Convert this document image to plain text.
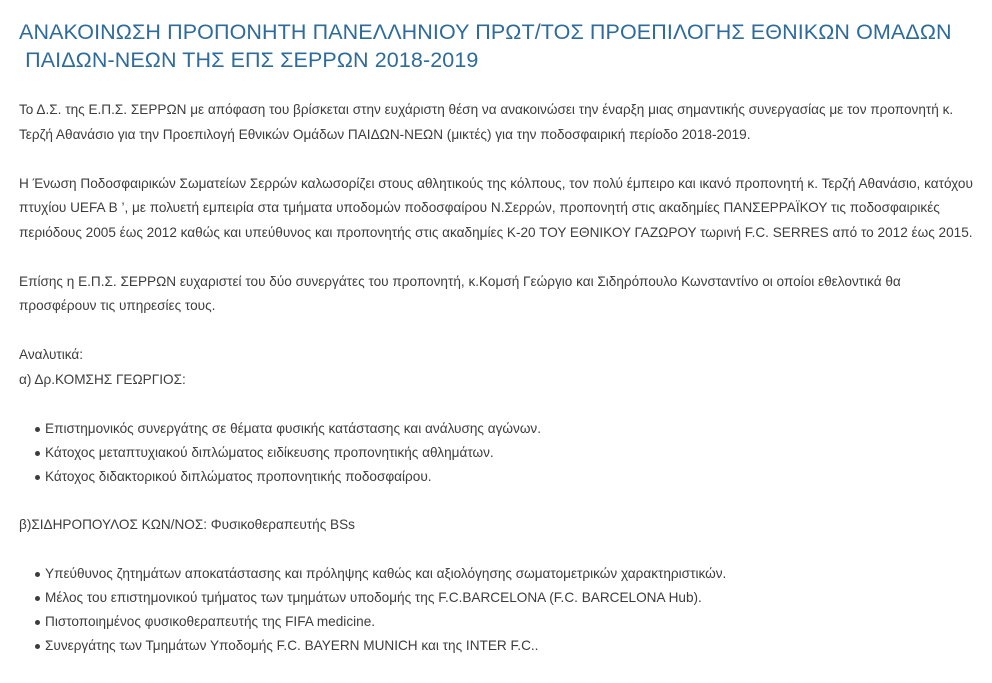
ΑΝΑΚΟΙΝΩΣΗ ΠΡΟΠΟΝΗΤΗ ΠΑΝΕΛΛΗΝΙΟΥ ΠΡΩΤ/ΤΟΣ ΠΡΟΕΠΙΛΟΓΗΣ ΕΘΝΙΚΩΝ ΟΜΑΔΩΝ
ΠΑΙΔΩΝ-ΝΕΩΝ ΤΗΣ ΕΠΣ ΣΕΡΡΩΝ 2018-2019

Το Δ.Σ. της Ε.Π.Σ. ΣΕΡΡΩΝ με απόφαση του βρίσκεται στην ευχάριστη θέση να ανακοινώσει την έναρξη μιας σημαντικής συνεργασίας με τον προπονητή κ. Τερζή Αθανάσιο για την Προεπιλογή Εθνικών Ομάδων ΠΑΙΔΩΝ-ΝΕΩΝ (μικτές) για την ποδοσφαιρική περίοδο 2018-2019.

Η Ένωση Ποδοσφαιρικών Σωματείων Σερρών καλωσορίζει στους αθλητικούς της κόλπους, τον πολύ έμπειρο και ικανό προπονητή κ. Τερζή Αθανάσιο, κατόχου πτυχίου UEFA B ’, με πολυετή εμπειρία στα τμήματα υποδομών ποδοσφαίρου Ν.Σερρών, προπονητή στις ακαδημίες ΠΑΝΣΕΡΡΑΪΚΟΥ τις ποδοσφαιρικές περιόδους 2005 έως 2012 καθώς και υπεύθυνος και προπονητής στις ακαδημίες Κ-20 ΤΟΥ ΕΘΝΙΚΟΥ ΓΑΖΩΡΟΥ τωρινή F.C. SERRES από το 2012 έως 2015.

Επίσης η Ε.Π.Σ. ΣΕΡΡΩΝ ευχαριστεί του δύο συνεργάτες του προπονητή, κ.Κομσή Γεώργιο και Σιδηρόπουλο Κωνσταντίνο οι οποίοι εθελοντικά θα προσφέρουν τις υπηρεσίες τους.

Αναλυτικά:

α) Δρ.ΚΟΜΣΗΣ ΓΕΩΡΓΙΟΣ:

Επιστημονικός συνεργάτης σε θέματα φυσικής κατάστασης και ανάλυσης αγώνων.
Κάτοχος μεταπτυχιακού διπλώματος ειδίκευσης προπονητικής αθλημάτων.
Κάτοχος διδακτορικού διπλώματος προπονητικής ποδοσφαίρου.

β)ΣΙΔΗΡΟΠΟΥΛΟΣ ΚΩΝ/ΝΟΣ: Φυσικοθεραπευτής BSs

Υπεύθυνος ζητημάτων αποκατάστασης και πρόληψης καθώς και αξιολόγησης σωματομετρικών χαρακτηριστικών.
Μέλος του επιστημονικού τμήματος των τμημάτων υποδομής της F.C.BARCELONA (F.C. BARCELONA Hub).
Πιστοποιημένος φυσικοθεραπευτής της FIFA medicine.
Συνεργάτης των Τμημάτων Υποδομής F.C. BAYERN MUNICH και της INTER F.C..
